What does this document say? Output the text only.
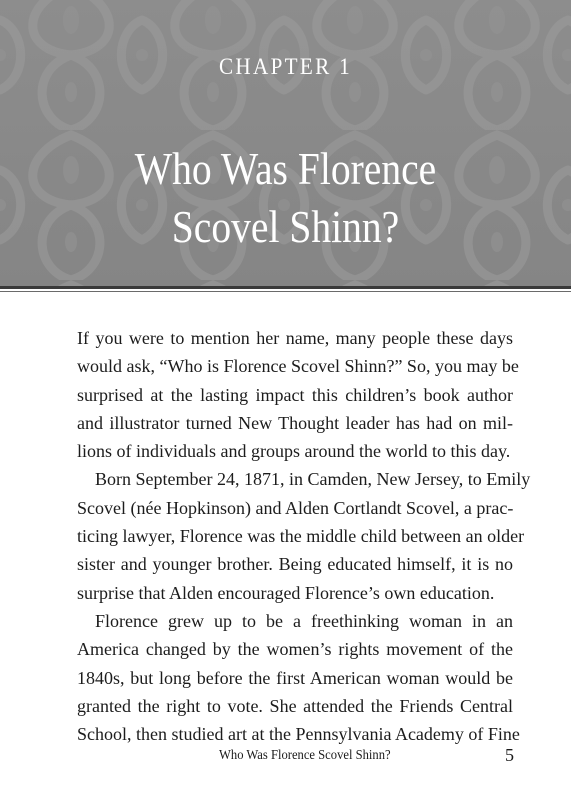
CHAPTER 1
Who Was Florence
Scovel Shinn?

If you were to mention her name, many people these days
would ask, “Who is Florence Scovel Shinn?” So, you may be
surprised at the lasting impact this children’s book author
and illustrator turned New Thought leader has had on mil-
lions of individuals and groups around the world to this day.

Born September 24, 1871, in Camden, New Jersey, to Emily
Scovel (née Hopkinson) and Alden Cortlandt Scovel, a prac-
ticing lawyer, Florence was the middle child between an older
sister and younger brother. Being educated himself, it is no
surprise that Alden encouraged Florence’s own education.

Florence grew up to be a freethinking woman in an
America changed by the women’s rights movement of the
1840s, but long before the first American woman would be
granted the right to vote. She attended the Friends Central
School, then studied art at the Pennsylvania Academy of Fine

Who Was Florence Scovel Shinn?	5
